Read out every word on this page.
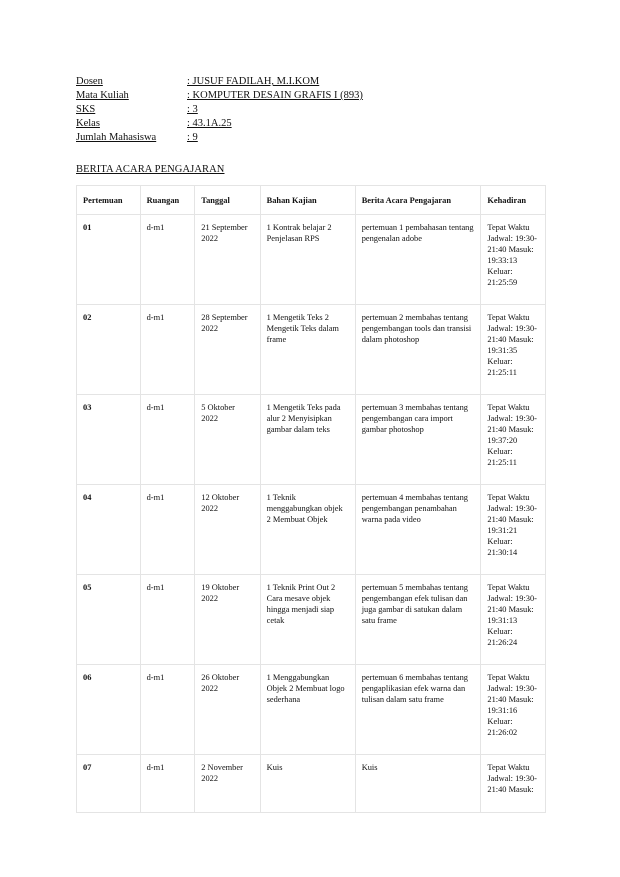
Dosen	: JUSUF FADILAH, M.I.KOM
Mata Kuliah	: KOMPUTER DESAIN GRAFIS I (893)
SKS	: 3
Kelas	: 43.1A.25
Jumlah Mahasiswa	: 9
BERITA ACARA PENGAJARAN
Pertemuan	Ruangan	Tanggal	Bahan Kajian	Berita Acara Pengajaran	Kehadiran
01	d-m1	21 September 2022	1 Kontrak belajar 2 Penjelasan RPS	pertemuan 1 pembahasan tentang pengenalan adobe	Tepat Waktu Jadwal: 19:30-21:40 Masuk: 19:33:13 Keluar: 21:25:59
02	d-m1	28 September 2022	1 Mengetik Teks 2 Mengetik Teks dalam frame	pertemuan 2 membahas tentang pengembangan tools dan transisi dalam photoshop	Tepat Waktu Jadwal: 19:30-21:40 Masuk: 19:31:35 Keluar: 21:25:11
03	d-m1	5 Oktober 2022	1 Mengetik Teks pada alur 2 Menyisipkan gambar dalam teks	pertemuan 3 membahas tentang pengembangan cara import gambar photoshop	Tepat Waktu Jadwal: 19:30-21:40 Masuk: 19:37:20 Keluar: 21:25:11
04	d-m1	12 Oktober 2022	1 Teknik menggabungkan objek 2 Membuat Objek	pertemuan 4 membahas tentang pengembangan penambahan warna pada video	Tepat Waktu Jadwal: 19:30-21:40 Masuk: 19:31:21 Keluar: 21:30:14
05	d-m1	19 Oktober 2022	1 Teknik Print Out 2 Cara mesave objek hingga menjadi siap cetak	pertemuan 5 membahas tentang pengembangan efek tulisan dan juga gambar di satukan dalam satu frame	Tepat Waktu Jadwal: 19:30-21:40 Masuk: 19:31:13 Keluar: 21:26:24
06	d-m1	26 Oktober 2022	1 Menggabungkan Objek 2 Membuat logo sederhana	pertemuan 6 membahas tentang pengaplikasian efek warna dan tulisan dalam satu frame	Tepat Waktu Jadwal: 19:30-21:40 Masuk: 19:31:16 Keluar: 21:26:02
07	d-m1	2 November 2022	Kuis	Kuis	Tepat Waktu Jadwal: 19:30-21:40 Masuk:
